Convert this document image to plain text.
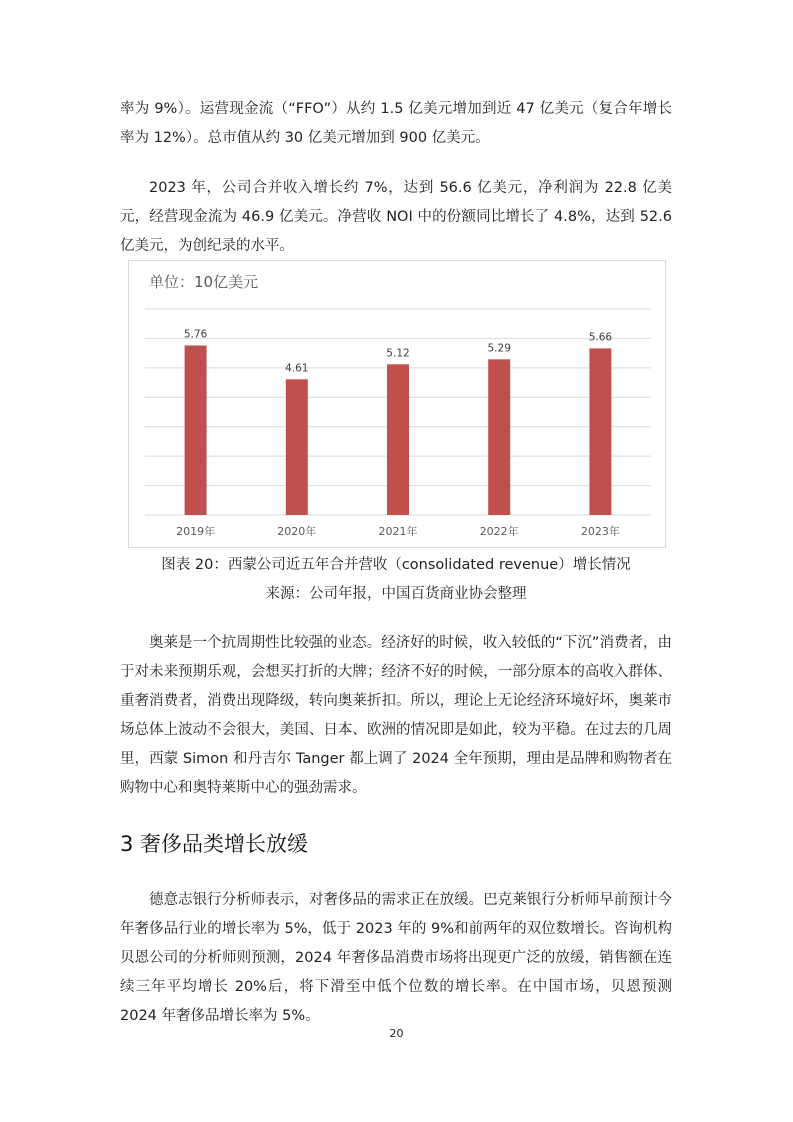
率为 9%）。运营现金流（“FFO”）从约 1.5 亿美元增加到近 47 亿美元（复合年增长率为 12%）。总市值从约 30 亿美元增加到 900 亿美元。

2023 年，公司合并收入增长约 7%，达到 56.6 亿美元，净利润为 22.8 亿美元，经营现金流为 46.9 亿美元。净营收 NOI 中的份额同比增长了 4.8%，达到 52.6 亿美元，为创纪录的水平。

单位：10亿美元
5.76
2019年
4.61
2020年
5.12
2021年
5.29
2022年
5.66
2023年

图表 20：西蒙公司近五年合并营收（consolidated revenue）增长情况

来源：公司年报，中国百货商业协会整理

奥莱是一个抗周期性比较强的业态。经济好的时候，收入较低的“下沉”消费者，由于对未来预期乐观，会想买打折的大牌；经济不好的时候，一部分原本的高收入群体、重奢消费者，消费出现降级，转向奥莱折扣。所以，理论上无论经济环境好坏，奥莱市场总体上波动不会很大，美国、日本、欧洲的情况即是如此，较为平稳。在过去的几周里，西蒙 Simon 和丹吉尔 Tanger 都上调了 2024 全年预期，理由是品牌和购物者在购物中心和奥特莱斯中心的强劲需求。

3 奢侈品类增长放缓

德意志银行分析师表示，对奢侈品的需求正在放缓。巴克莱银行分析师早前预计今年奢侈品行业的增长率为 5%，低于 2023 年的 9%和前两年的双位数增长。咨询机构贝恩公司的分析师则预测，2024 年奢侈品消费市场将出现更广泛的放缓，销售额在连续三年平均增长 20%后，将下滑至中低个位数的增长率。在中国市场，贝恩预测 2024 年奢侈品增长率为 5%。

20
